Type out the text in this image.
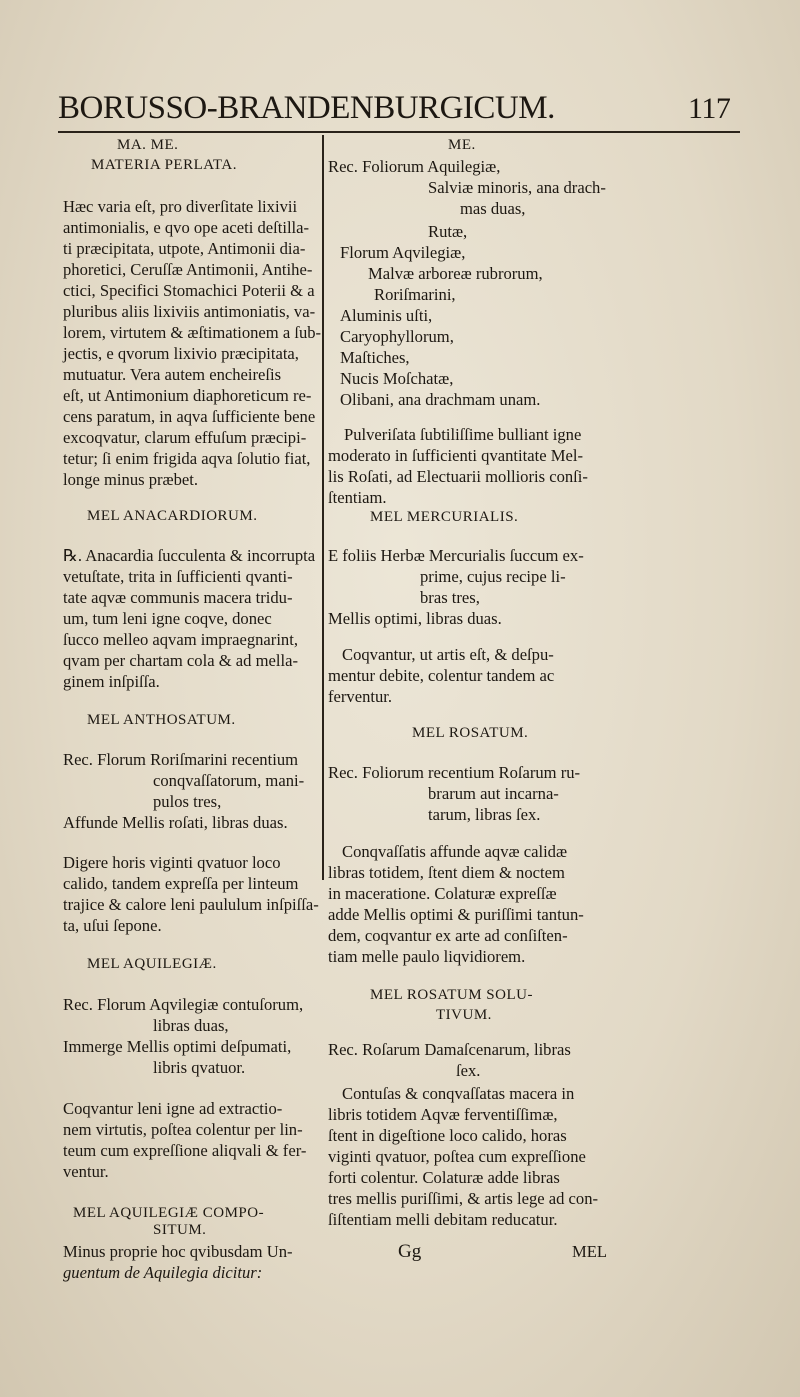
BORUSSO-BRANDENBURGICUM.	117
MA. ME.
MATERIA PERLATA.
Hæc varia eſt, pro diverſitate lixivii
antimonialis, e qvo ope aceti deſtilla-
ti præcipitata, utpote, Antimonii dia-
phoretici, Ceruſſæ Antimonii, Antihe-
ctici, Specifici Stomachici Poterii & a
pluribus aliis lixiviis antimoniatis, va-
lorem, virtutem & æſtimationem a ſub-
jectis, e qvorum lixivio præcipitata,
mutuatur. Vera autem encheireſis
eſt, ut Antimonium diaphoreticum re-
cens paratum, in aqva ſufficiente bene
excoqvatur, clarum effuſum præcipi-
tetur; ſi enim frigida aqva ſolutio fiat,
longe minus præbet.
MEL ANACARDIORUM.
℞. Anacardia ſucculenta & incorrupta
vetuſtate, trita in ſufficienti qvanti-
tate aqvæ communis macera tridu-
um, tum leni igne coqve, donec
ſucco melleo aqvam impraegnarint,
qvam per chartam cola & ad mella-
ginem inſpiſſa.
MEL ANTHOSATUM.
Rec. Florum Roriſmarini recentium
conqvaſſatorum, mani-
pulos tres,
Affunde Mellis roſati, libras duas.
Digere horis viginti qvatuor loco
calido, tandem expreſſa per linteum
trajice & calore leni paululum inſpiſſa-
ta, uſui ſepone.
MEL AQUILEGIÆ.
Rec. Florum Aqvilegiæ contuſorum,
libras duas,
Immerge Mellis optimi deſpumati,
libris qvatuor.
Coqvantur leni igne ad extractio-
nem virtutis, poſtea colentur per lin-
teum cum expreſſione aliqvali & fer-
ventur.
MEL AQUILEGIÆ COMPO-
SITUM.
Minus proprie hoc qvibusdam Un-
guentum de Aquilegia dicitur:
ME.
Rec. Foliorum Aquilegiæ,
Salviæ minoris, ana drach-
mas duas,
Rutæ,
Florum Aqvilegiæ,
Malvæ arboreæ rubrorum,
Roriſmarini,
Aluminis uſti,
Caryophyllorum,
Maſtiches,
Nucis Moſchatæ,
Olibani, ana drachmam unam.
Pulveriſata ſubtiliſſime bulliant igne
moderato in ſufficienti qvantitate Mel-
lis Roſati, ad Electuarii mollioris conſi-
ſtentiam.
MEL MERCURIALIS.
E foliis Herbæ Mercurialis ſuccum ex-
prime, cujus recipe li-
bras tres,
Mellis optimi, libras duas.
Coqvantur, ut artis eſt, & deſpu-
mentur debite, colentur tandem ac
ferventur.
MEL ROSATUM.
Rec. Foliorum recentium Roſarum ru-
brarum aut incarna-
tarum, libras ſex.
Conqvaſſatis affunde aqvæ calidæ
libras totidem, ſtent diem & noctem
in maceratione. Colaturæ expreſſæ
adde Mellis optimi & puriſſimi tantun-
dem, coqvantur ex arte ad conſiſten-
tiam melle paulo liqvidiorem.
MEL ROSATUM SOLU-
TIVUM.
Rec. Roſarum Damaſcenarum, libras
ſex.
Contuſas & conqvaſſatas macera in
libris totidem Aqvæ ferventiſſimæ,
ſtent in digeſtione loco calido, horas
viginti qvatuor, poſtea cum expreſſione
forti colentur. Colaturæ adde libras
tres mellis puriſſimi, & artis lege ad con-
ſiſtentiam melli debitam reducatur.
Gg	MEL
